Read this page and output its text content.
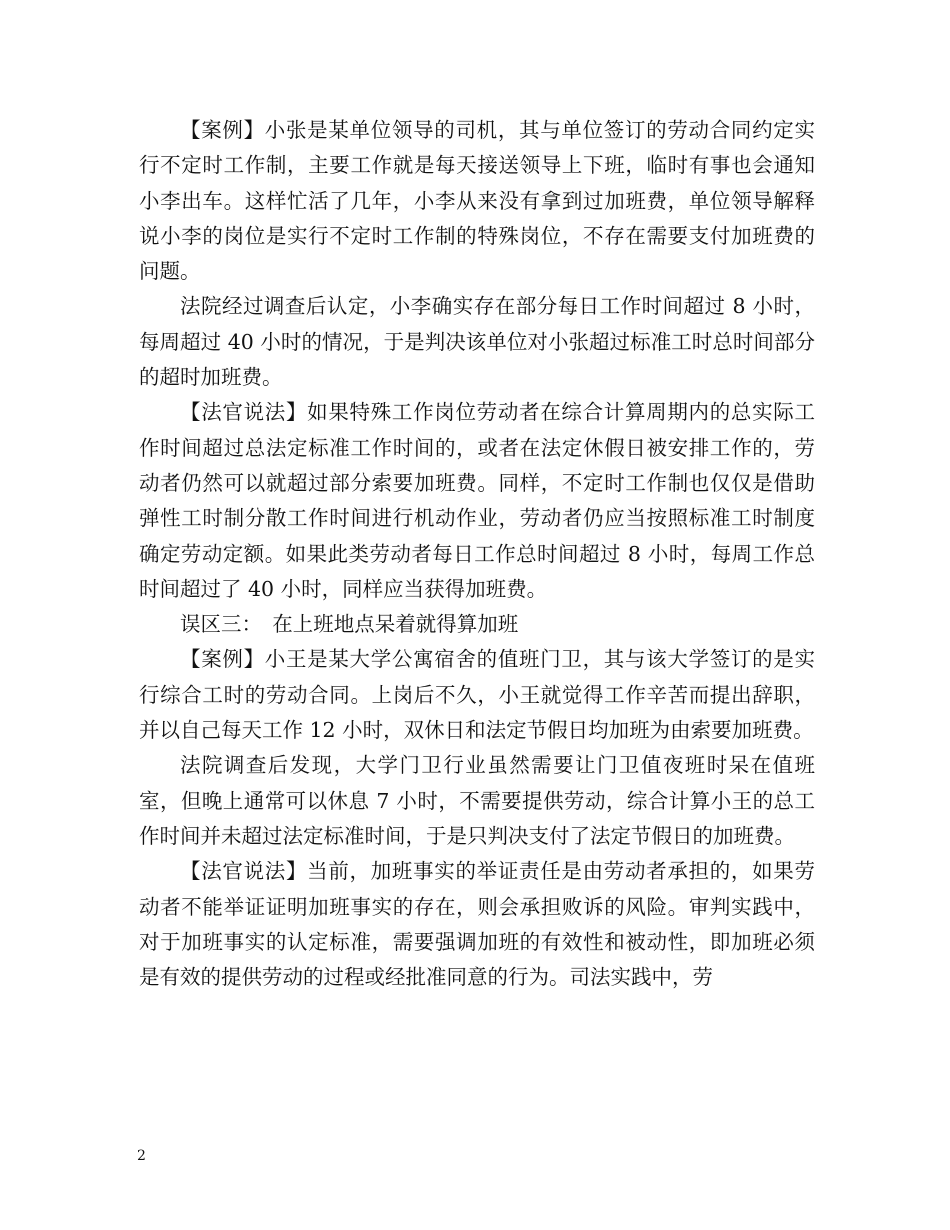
【案例】小张是某单位领导的司机，其与单位签订的劳动合同约定实行不定时工作制，主要工作就是每天接送领导上下班，临时有事也会通知小李出车。这样忙活了几年，小李从来没有拿到过加班费，单位领导解释说小李的岗位是实行不定时工作制的特殊岗位，不存在需要支付加班费的问题。

法院经过调查后认定，小李确实存在部分每日工作时间超过 8 小时，每周超过 40 小时的情况，于是判决该单位对小张超过标准工时总时间部分的超时加班费。

【法官说法】如果特殊工作岗位劳动者在综合计算周期内的总实际工作时间超过总法定标准工作时间的，或者在法定休假日被安排工作的，劳动者仍然可以就超过部分索要加班费。同样，不定时工作制也仅仅是借助弹性工时制分散工作时间进行机动作业，劳动者仍应当按照标准工时制度确定劳动定额。如果此类劳动者每日工作总时间超过 8 小时，每周工作总时间超过了 40 小时，同样应当获得加班费。

误区三：　在上班地点呆着就得算加班

【案例】小王是某大学公寓宿舍的值班门卫，其与该大学签订的是实行综合工时的劳动合同。上岗后不久，小王就觉得工作辛苦而提出辞职，并以自己每天工作 12 小时，双休日和法定节假日均加班为由索要加班费。

法院调查后发现，大学门卫行业虽然需要让门卫值夜班时呆在值班室，但晚上通常可以休息 7 小时，不需要提供劳动，综合计算小王的总工作时间并未超过法定标准时间，于是只判决支付了法定节假日的加班费。

【法官说法】当前，加班事实的举证责任是由劳动者承担的，如果劳动者不能举证证明加班事实的存在，则会承担败诉的风险。审判实践中，对于加班事实的认定标准，需要强调加班的有效性和被动性，即加班必须是有效的提供劳动的过程或经批准同意的行为。司法实践中，劳

2
